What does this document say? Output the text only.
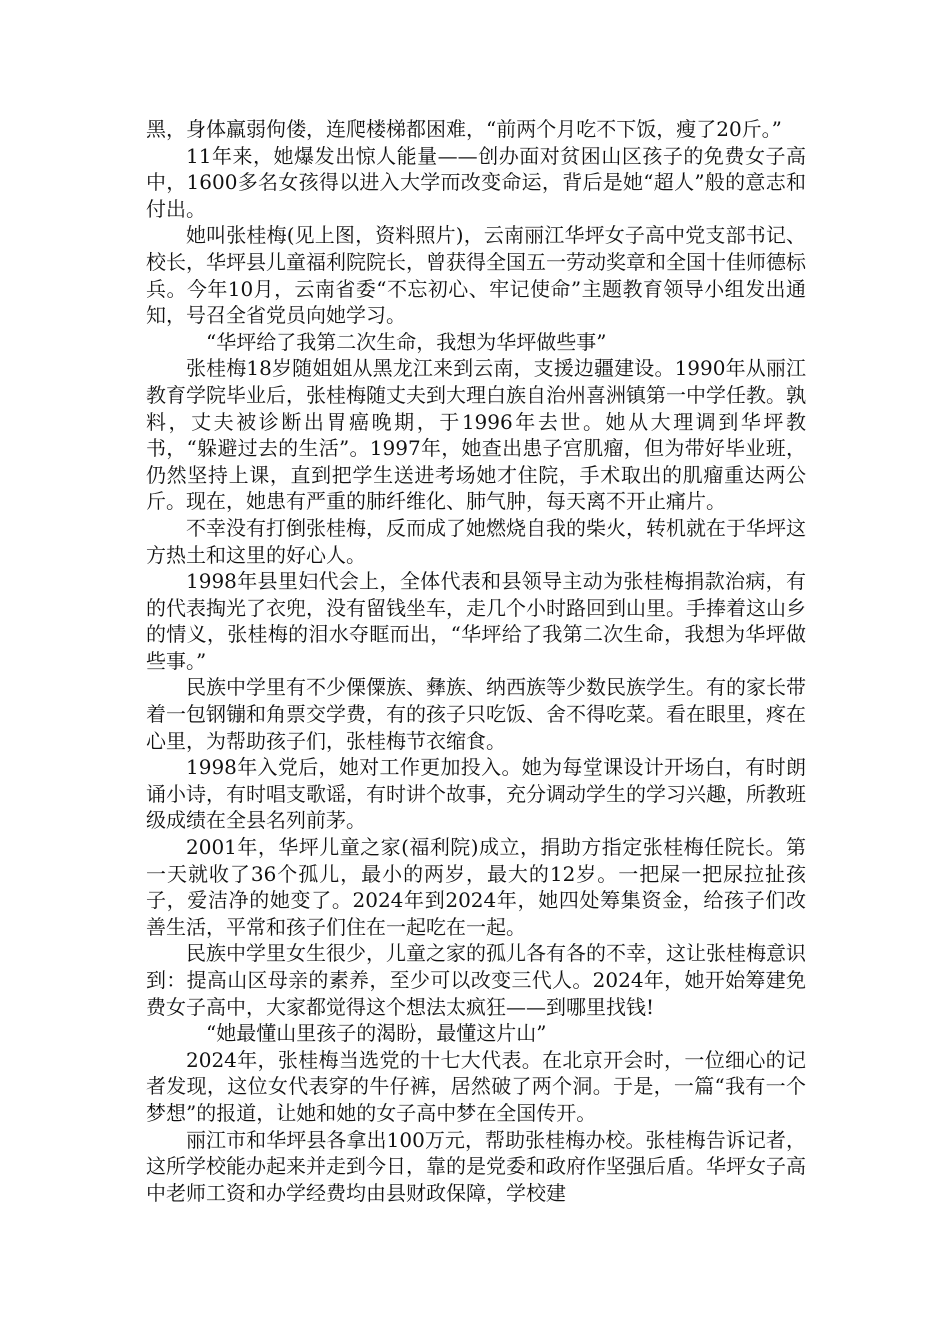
黑，身体羸弱佝偻，连爬楼梯都困难，“前两个月吃不下饭，瘦了20斤。”

11年来，她爆发出惊人能量——创办面对贫困山区孩子的免费女子高中，1600多名女孩得以进入大学而改变命运，背后是她“超人”般的意志和付出。

她叫张桂梅(见上图，资料照片)，云南丽江华坪女子高中党支部书记、校长，华坪县儿童福利院院长，曾获得全国五一劳动奖章和全国十佳师德标兵。今年10月，云南省委“不忘初心、牢记使命”主题教育领导小组发出通知，号召全省党员向她学习。

“华坪给了我第二次生命，我想为华坪做些事”

张桂梅18岁随姐姐从黑龙江来到云南，支援边疆建设。1990年从丽江教育学院毕业后，张桂梅随丈夫到大理白族自治州喜洲镇第一中学任教。孰料，丈夫被诊断出胃癌晚期，于1996年去世。她从大理调到华坪教书，“躲避过去的生活”。1997年，她查出患子宫肌瘤，但为带好毕业班，仍然坚持上课，直到把学生送进考场她才住院，手术取出的肌瘤重达两公斤。现在，她患有严重的肺纤维化、肺气肿，每天离不开止痛片。

不幸没有打倒张桂梅，反而成了她燃烧自我的柴火，转机就在于华坪这方热土和这里的好心人。

1998年县里妇代会上，全体代表和县领导主动为张桂梅捐款治病，有的代表掏光了衣兜，没有留钱坐车，走几个小时路回到山里。手捧着这山乡的情义，张桂梅的泪水夺眶而出，“华坪给了我第二次生命，我想为华坪做些事。”

民族中学里有不少傈僳族、彝族、纳西族等少数民族学生。有的家长带着一包钢镚和角票交学费，有的孩子只吃饭、舍不得吃菜。看在眼里，疼在心里，为帮助孩子们，张桂梅节衣缩食。

1998年入党后，她对工作更加投入。她为每堂课设计开场白，有时朗诵小诗，有时唱支歌谣，有时讲个故事，充分调动学生的学习兴趣，所教班级成绩在全县名列前茅。

2001年，华坪儿童之家(福利院)成立，捐助方指定张桂梅任院长。第一天就收了36个孤儿，最小的两岁，最大的12岁。一把屎一把尿拉扯孩子，爱洁净的她变了。2024年到2024年，她四处筹集资金，给孩子们改善生活，平常和孩子们住在一起吃在一起。

民族中学里女生很少，儿童之家的孤儿各有各的不幸，这让张桂梅意识到：提高山区母亲的素养，至少可以改变三代人。2024年，她开始筹建免费女子高中，大家都觉得这个想法太疯狂——到哪里找钱!

“她最懂山里孩子的渴盼，最懂这片山”

2024年，张桂梅当选党的十七大代表。在北京开会时，一位细心的记者发现，这位女代表穿的牛仔裤，居然破了两个洞。于是，一篇“我有一个梦想”的报道，让她和她的女子高中梦在全国传开。

丽江市和华坪县各拿出100万元，帮助张桂梅办校。张桂梅告诉记者，这所学校能办起来并走到今日，靠的是党委和政府作坚强后盾。华坪女子高中老师工资和办学经费均由县财政保障，学校建
